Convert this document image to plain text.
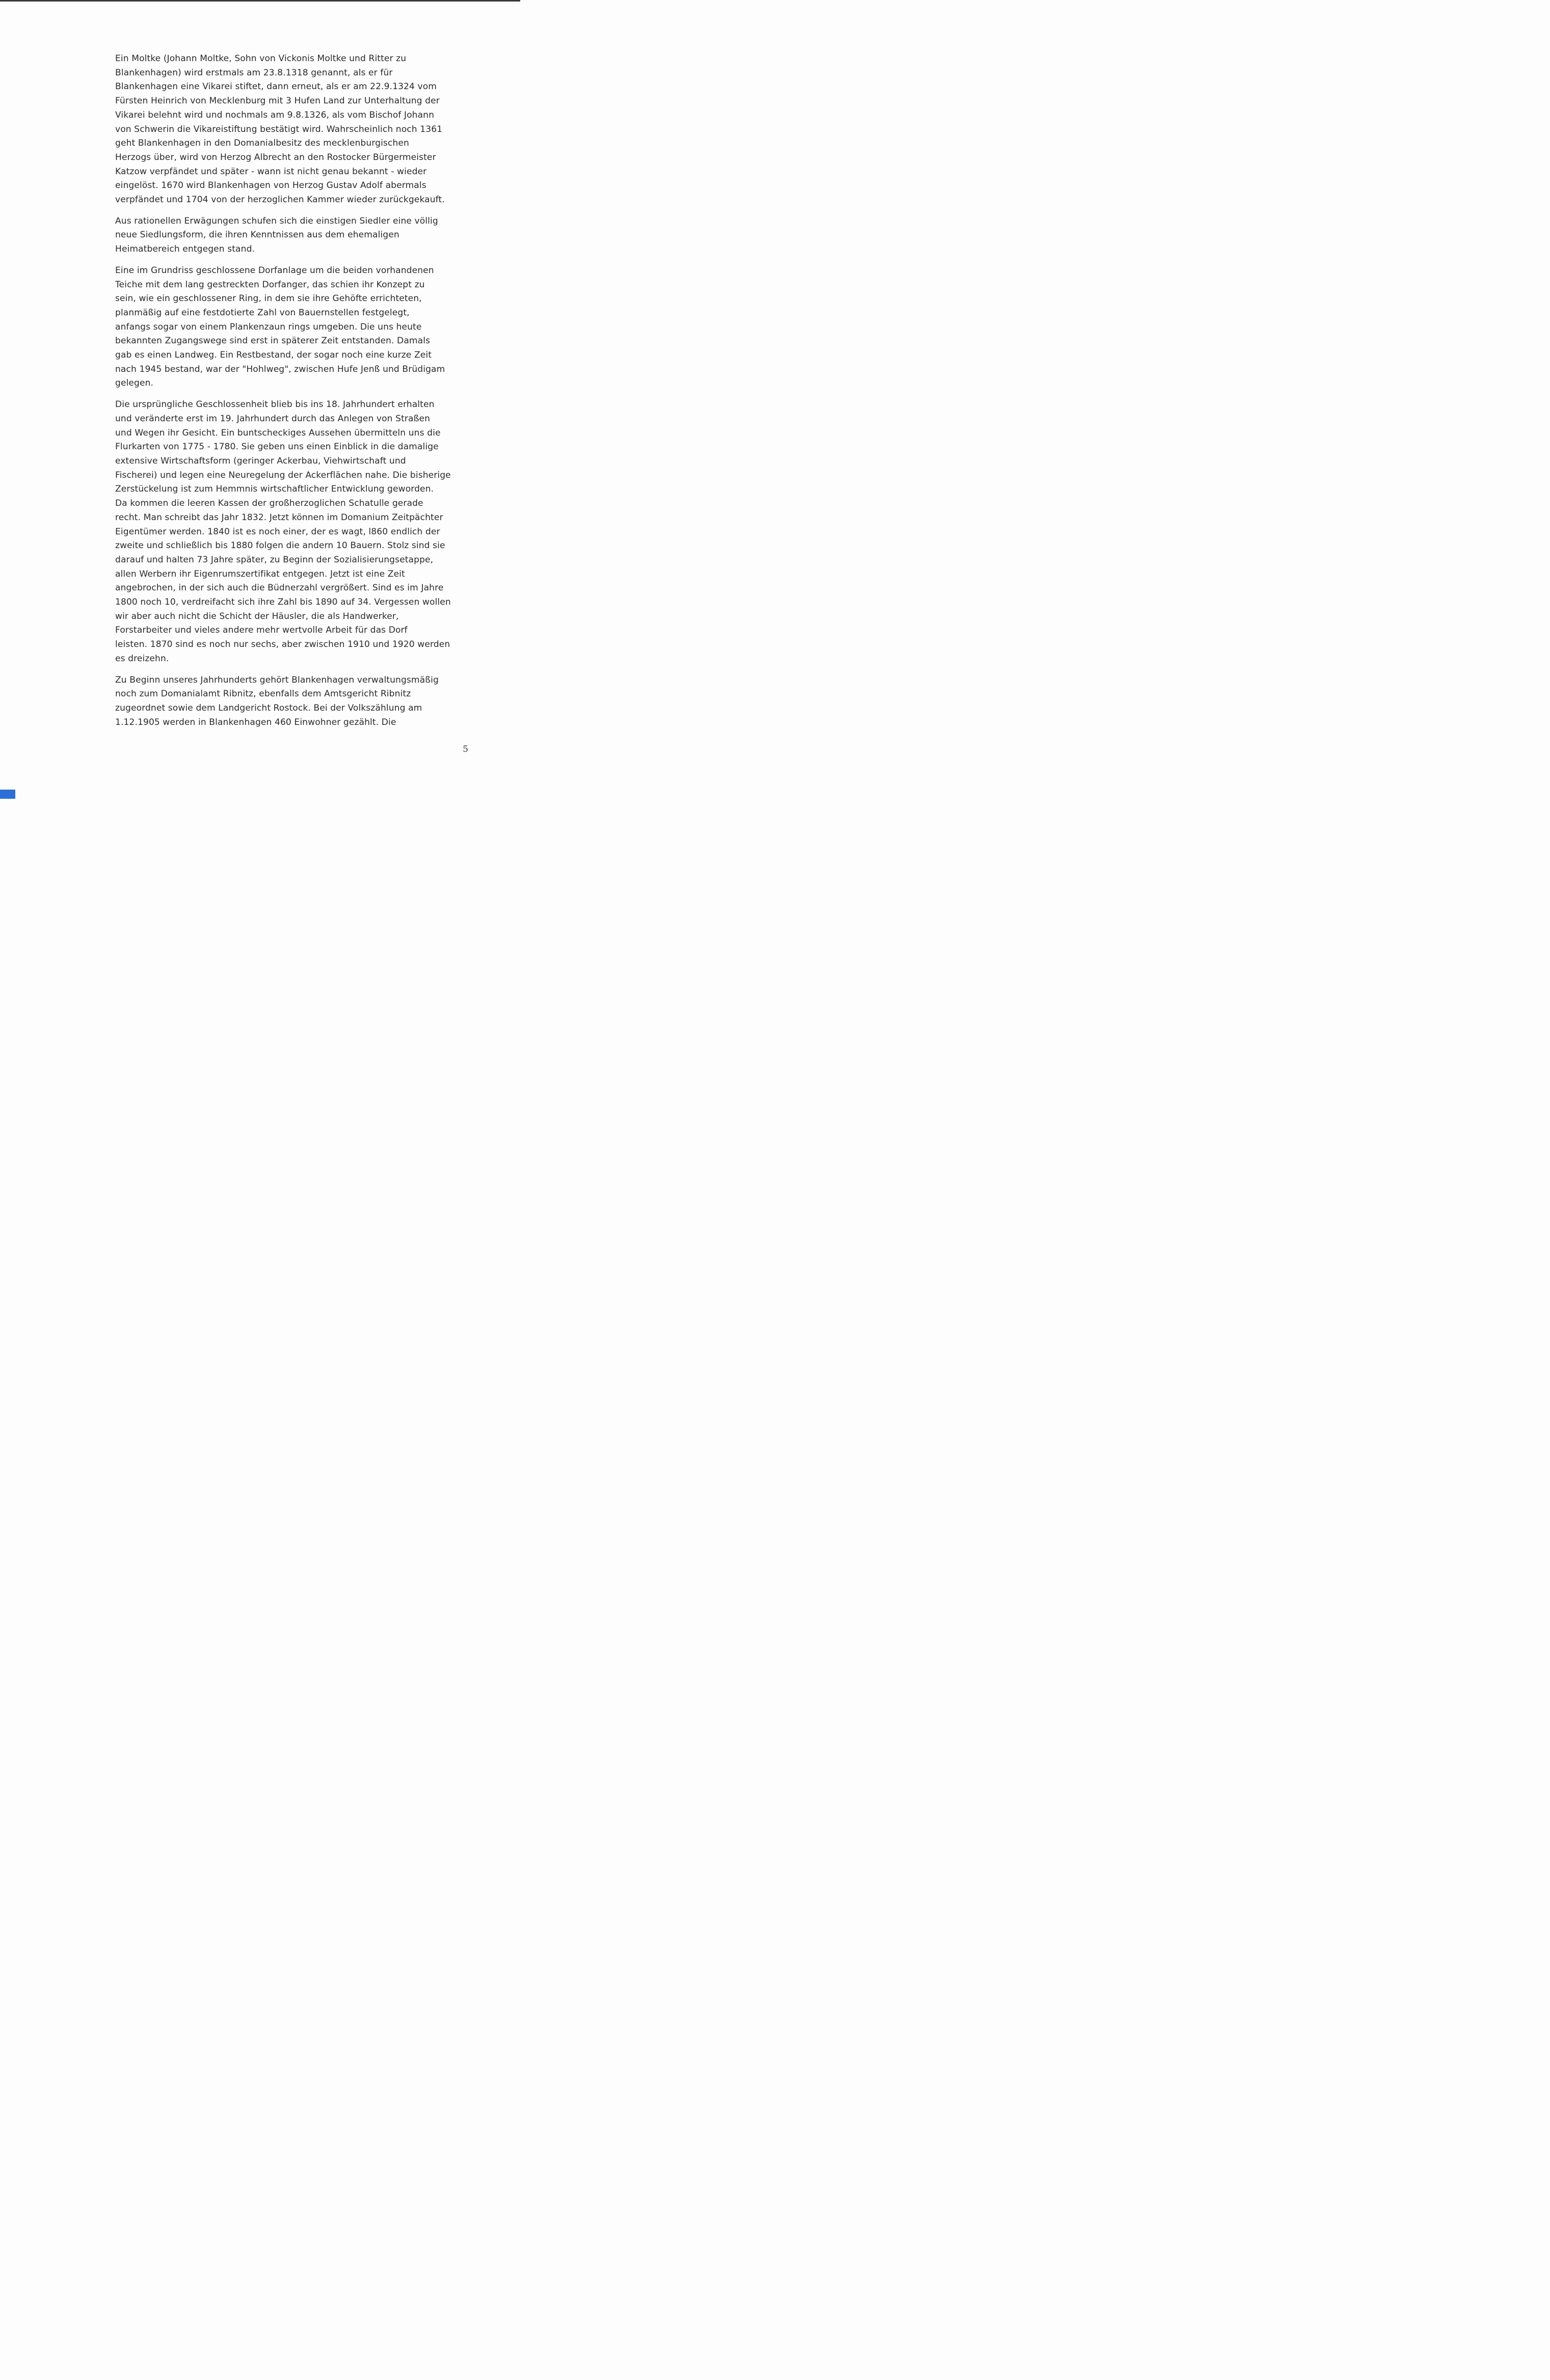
Ein Moltke (Johann Moltke, Sohn von Vickonis Moltke und Ritter zu
Blankenhagen) wird erstmals am 23.8.1318 genannt, als er für
Blankenhagen eine Vikarei stiftet, dann erneut, als er am 22.9.1324 vom
Fürsten Heinrich von Mecklenburg mit 3 Hufen Land zur Unterhaltung der
Vikarei belehnt wird und nochmals am 9.8.1326, als vom Bischof Johann
von Schwerin die Vikareistiftung bestätigt wird. Wahrscheinlich noch 1361
geht Blankenhagen in den Domanialbesitz des mecklenburgischen
Herzogs über, wird von Herzog Albrecht an den Rostocker Bürgermeister
Katzow verpfändet und später - wann ist nicht genau bekannt - wieder
eingelöst. 1670 wird Blankenhagen von Herzog Gustav Adolf abermals
verpfändet und 1704 von der herzoglichen Kammer wieder zurückgekauft.

Aus rationellen Erwägungen schufen sich die einstigen Siedler eine völlig
neue Siedlungsform, die ihren Kenntnissen aus dem ehemaligen
Heimatbereich entgegen stand.

Eine im Grundriss geschlossene Dorfanlage um die beiden vorhandenen
Teiche mit dem lang gestreckten Dorfanger, das schien ihr Konzept zu
sein, wie ein geschlossener Ring, in dem sie ihre Gehöfte errichteten,
planmäßig auf eine festdotierte Zahl von Bauernstellen festgelegt,
anfangs sogar von einem Plankenzaun rings umgeben. Die uns heute
bekannten Zugangswege sind erst in späterer Zeit entstanden. Damals
gab es einen Landweg. Ein Restbestand, der sogar noch eine kurze Zeit
nach 1945 bestand, war der "Hohlweg", zwischen Hufe Jenß und Brüdigam
gelegen.

Die ursprüngliche Geschlossenheit blieb bis ins 18. Jahrhundert erhalten
und veränderte erst im 19. Jahrhundert durch das Anlegen von Straßen
und Wegen ihr Gesicht. Ein buntscheckiges Aussehen übermitteln uns die
Flurkarten von 1775 - 1780. Sie geben uns einen Einblick in die damalige
extensive Wirtschaftsform (geringer Ackerbau, Viehwirtschaft und
Fischerei) und legen eine Neuregelung der Ackerflächen nahe. Die bisherige
Zerstückelung ist zum Hemmnis wirtschaftlicher Entwicklung geworden.
Da kommen die leeren Kassen der großherzoglichen Schatulle gerade
recht. Man schreibt das Jahr 1832. Jetzt können im Domanium Zeitpächter
Eigentümer werden. 1840 ist es noch einer, der es wagt, l860 endlich der
zweite und schließlich bis 1880 folgen die andern 10 Bauern. Stolz sind sie
darauf und halten 73 Jahre später, zu Beginn der Sozialisierungsetappe,
allen Werbern ihr Eigenrumszertifikat entgegen. Jetzt ist eine Zeit
angebrochen, in der sich auch die Büdnerzahl vergrößert. Sind es im Jahre
1800 noch 10, verdreifacht sich ihre Zahl bis 1890 auf 34. Vergessen wollen
wir aber auch nicht die Schicht der Häusler, die als Handwerker,
Forstarbeiter und vieles andere mehr wertvolle Arbeit für das Dorf
leisten. 1870 sind es noch nur sechs, aber zwischen 1910 und 1920 werden
es dreizehn.

Zu Beginn unseres Jahrhunderts gehört Blankenhagen verwaltungsmäßig
noch zum Domanialamt Ribnitz, ebenfalls dem Amtsgericht Ribnitz
zugeordnet sowie dem Landgericht Rostock. Bei der Volkszählung am
1.12.1905 werden in Blankenhagen 460 Einwohner gezählt. Die

5
